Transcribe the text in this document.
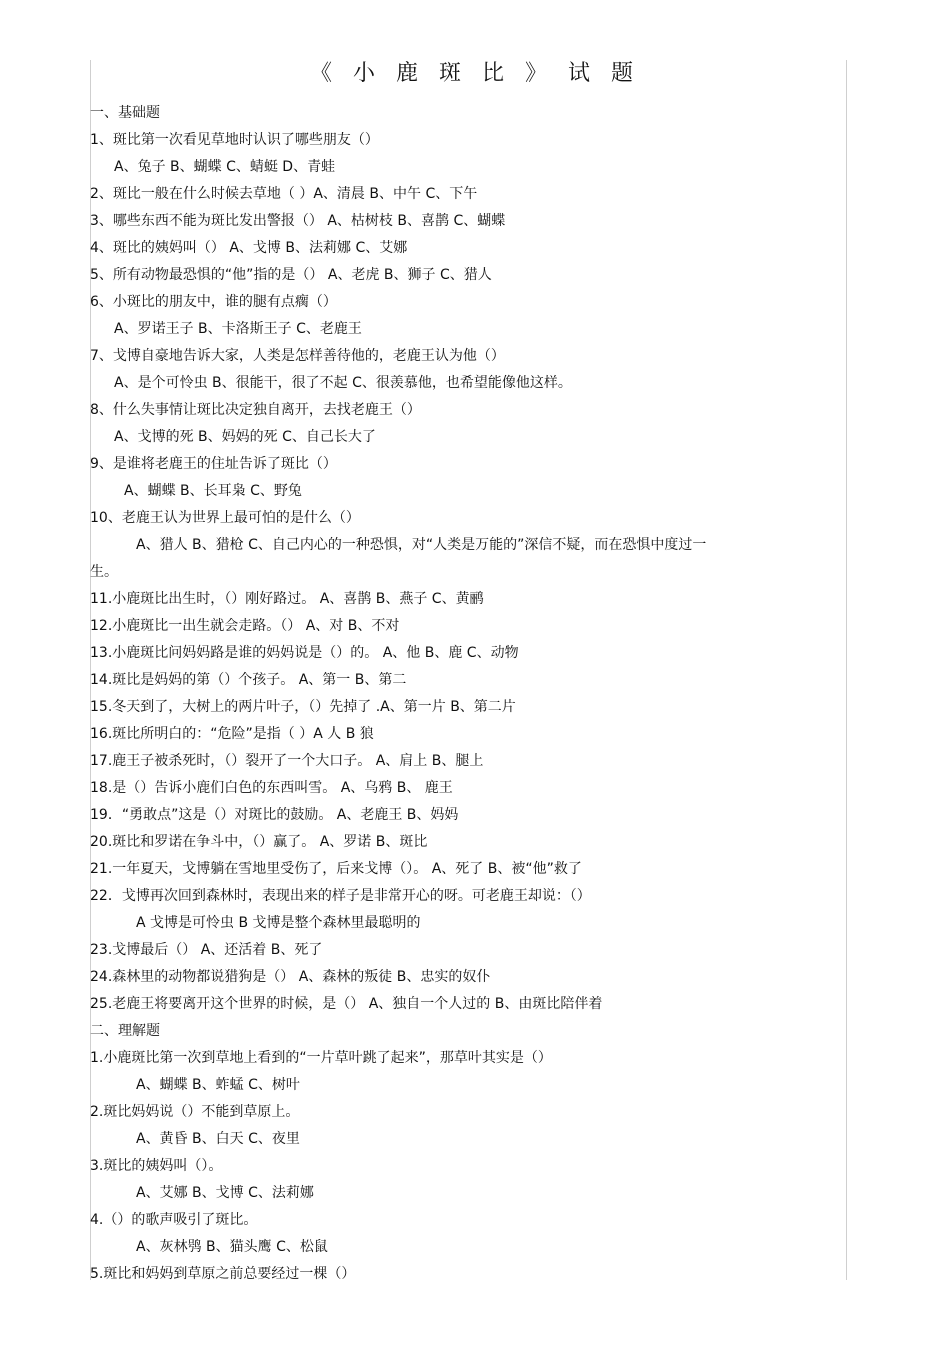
《 小 鹿 斑 比 》 试 题
一、基础题
1、斑比第一次看见草地时认识了哪些朋友（）
A、兔子 B、蝴蝶 C、蜻蜓 D、青蛙
2、斑比一般在什么时候去草地（ ）A、清晨 B、中午 C、下午
3、哪些东西不能为斑比发出警报（） A、枯树枝 B、喜鹊 C、蝴蝶
4、斑比的姨妈叫（） A、戈博 B、法莉娜 C、艾娜
5、所有动物最恐惧的“他”指的是（） A、老虎 B、狮子 C、猎人
6、小斑比的朋友中，谁的腿有点瘸（）
A、罗诺王子 B、卡洛斯王子 C、老鹿王
7、戈博自豪地告诉大家，人类是怎样善待他的，老鹿王认为他（）
A、是个可怜虫 B、很能干，很了不起 C、很羡慕他，也希望能像他这样。
8、什么失事情让斑比决定独自离开，去找老鹿王（）
A、戈博的死 B、妈妈的死 C、自己长大了
9、是谁将老鹿王的住址告诉了斑比（）
A、蝴蝶 B、长耳枭 C、野兔
10、老鹿王认为世界上最可怕的是什么（）
A、猎人 B、猎枪 C、自己内心的一种恐惧，对“人类是万能的”深信不疑，而在恐惧中度过一
生。
11.小鹿斑比出生时，（）刚好路过。 A、喜鹊 B、燕子 C、黄鹂
12.小鹿斑比一出生就会走路。（） A、对 B、不对
13.小鹿斑比问妈妈路是谁的妈妈说是（）的。 A、他 B、鹿 C、动物
14.斑比是妈妈的第（）个孩子。 A、第一 B、第二
15.冬天到了，大树上的两片叶子，（）先掉了 .A、第一片 B、第二片
16.斑比所明白的：“危险”是指（ ）A 人 B 狼
17.鹿王子被杀死时，（）裂开了一个大口子。 A、肩上 B、腿上
18.是（）告诉小鹿们白色的东西叫雪。 A、乌鸦 B、 鹿王
19．“勇敢点”这是（）对斑比的鼓励。 A、老鹿王 B、妈妈
20.斑比和罗诺在争斗中，（）赢了。 A、罗诺 B、斑比
21.一年夏天，戈博躺在雪地里受伤了，后来戈博（）。 A、死了 B、被“他”救了
22．戈博再次回到森林时，表现出来的样子是非常开心的呀。可老鹿王却说：（）
A 戈博是可怜虫 B 戈博是整个森林里最聪明的
23.戈博最后（） A、还活着 B、死了
24.森林里的动物都说猎狗是（） A、森林的叛徒 B、忠实的奴仆
25.老鹿王将要离开这个世界的时候，是（） A、独自一个人过的 B、由斑比陪伴着
二、理解题
1.小鹿斑比第一次到草地上看到的“一片草叶跳了起来”，那草叶其实是（）
A、蝴蝶 B、蚱蜢 C、树叶
2.斑比妈妈说（）不能到草原上。
A、黄昏 B、白天 C、夜里
3.斑比的姨妈叫（）。
A、艾娜 B、戈博 C、法莉娜
4.（）的歌声吸引了斑比。
A、灰林鸮 B、猫头鹰 C、松鼠
5.斑比和妈妈到草原之前总要经过一棵（）
